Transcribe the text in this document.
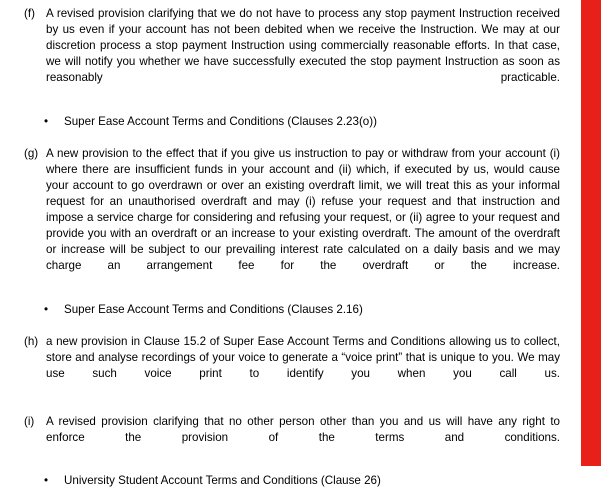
(f) A revised provision clarifying that we do not have to process any stop payment Instruction received by us even if your account has not been debited when we receive the Instruction. We may at our discretion process a stop payment Instruction using commercially reasonable efforts. In that case, we will notify you whether we have successfully executed the stop payment Instruction as soon as reasonably practicable.
•	Super Ease Account Terms and Conditions (Clauses 2.23(o))
(g) A new provision to the effect that if you give us instruction to pay or withdraw from your account (i) where there are insufficient funds in your account and (ii) which, if executed by us, would cause your account to go overdrawn or over an existing overdraft limit, we will treat this as your informal request for an unauthorised overdraft and may (i) refuse your request and that instruction and impose a service charge for considering and refusing your request, or (ii) agree to your request and provide you with an overdraft or an increase to your existing overdraft. The amount of the overdraft or increase will be subject to our prevailing interest rate calculated on a daily basis and we may charge an arrangement fee for the overdraft or the increase.
•	Super Ease Account Terms and Conditions (Clauses 2.16)
(h) a new provision in Clause 15.2 of Super Ease Account Terms and Conditions allowing us to collect, store and analyse recordings of your voice to generate a “voice print” that is unique to you. We may use such voice print to identify you when you call us.
(i)	A revised provision clarifying that no other person other than you and us will have any right to enforce the provision of the terms and conditions.
•	University Student Account Terms and Conditions (Clause 26)
